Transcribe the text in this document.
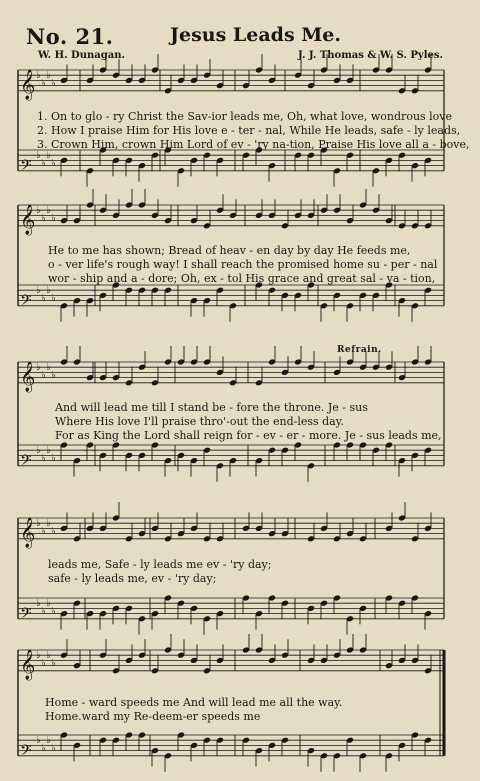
No. 21.	Jesus Leads Me.
W. H. Dunagan.	J. J. Thomas & W. S. Pyles.
𝄞 ♭
♭
♭
♭
𝄢
♭
♭
♭
♭
𝄞 ♭
♭
♭
♭
𝄢
♭
♭
♭
♭
𝄞 ♭
♭
♭
♭
𝄢
♭
♭
♭
♭
𝄞 ♭
♭
♭
♭
𝄢
♭
♭
♭
♭
𝄞 ♭
♭
♭
♭
𝄢
♭
♭
♭
♭
Refrain.
1. On to glo - ry Christ the Sav-ior leads me, Oh, what love, wondrous love
2. How I praise Him for His love e - ter - nal, While He leads, safe - ly leads,
3. Crown Him, crown Him Lord of ev - 'ry na-tion, Praise His love all a - bove,
He to me has shown; Bread of heav - en day by day He feeds me,
o - ver life's rough way! I shall reach the promised home su - per - nal
wor - ship and a - dore; Oh, ex - tol His grace and great sal - va - tion,
And will lead me till I stand be - fore the throne. Je - sus
Where His love I'll praise thro'-out the end-less day.
For as King the Lord shall reign for - ev - er - more. Je - sus leads me,
leads me, Safe - ly leads me ev - 'ry day;
safe - ly leads me, ev - 'ry day;
Home - ward speeds me And will lead me all the way.
Home.ward my Re-deem-er speeds me
